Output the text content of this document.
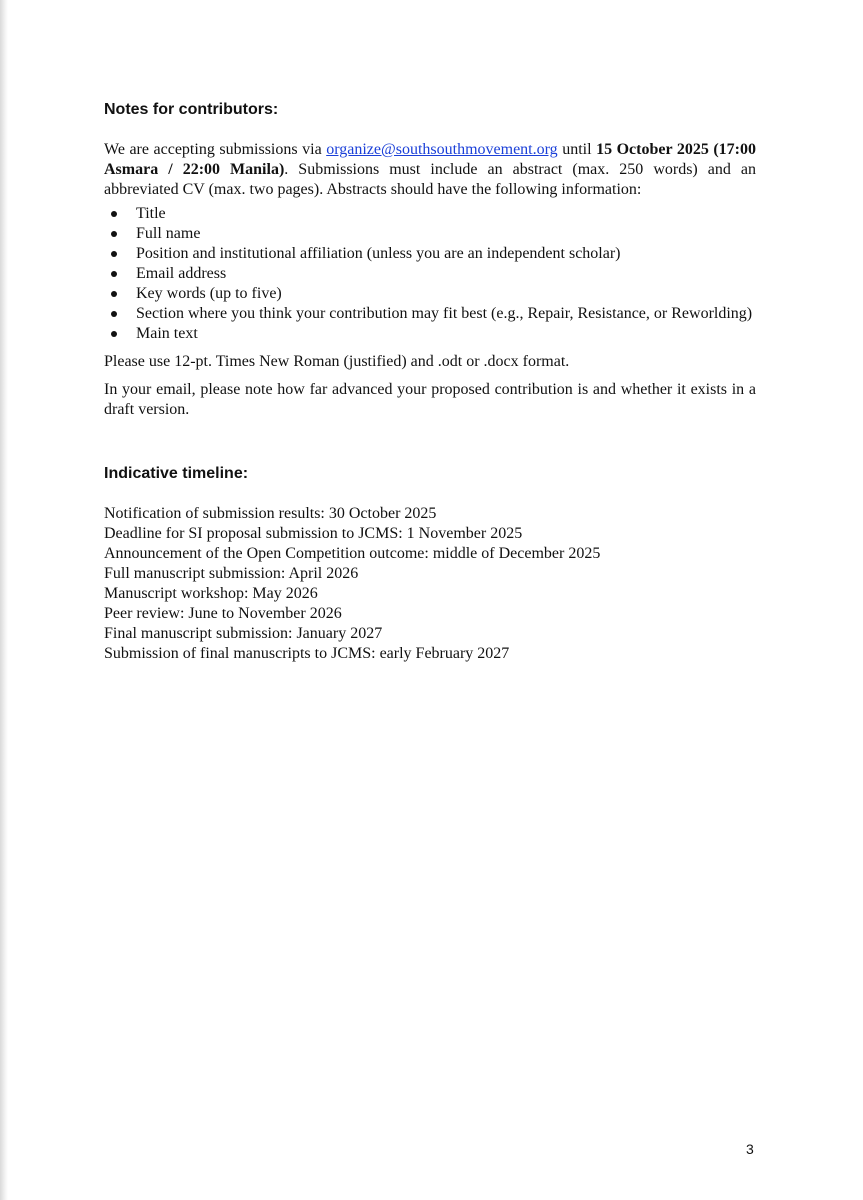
Notes for contributors:

We are accepting submissions via organize@southsouthmovement.org until 15 October 2025 (17:00 Asmara / 22:00 Manila). Submissions must include an abstract (max. 250 words) and an abbreviated CV (max. two pages). Abstracts should have the following information:

Title
Full name
Position and institutional affiliation (unless you are an independent scholar)
Email address
Key words (up to five)
Section where you think your contribution may fit best (e.g., Repair, Resistance, or Reworlding)
Main text

Please use 12-pt. Times New Roman (justified) and .odt or .docx format.

In your email, please note how far advanced your proposed contribution is and whether it exists in a draft version.

Indicative timeline:
Notification of submission results: 30 October 2025
Deadline for SI proposal submission to JCMS: 1 November 2025
Announcement of the Open Competition outcome: middle of December 2025
Full manuscript submission: April 2026
Manuscript workshop: May 2026
Peer review: June to November 2026
Final manuscript submission: January 2027
Submission of final manuscripts to JCMS: early February 2027
3
